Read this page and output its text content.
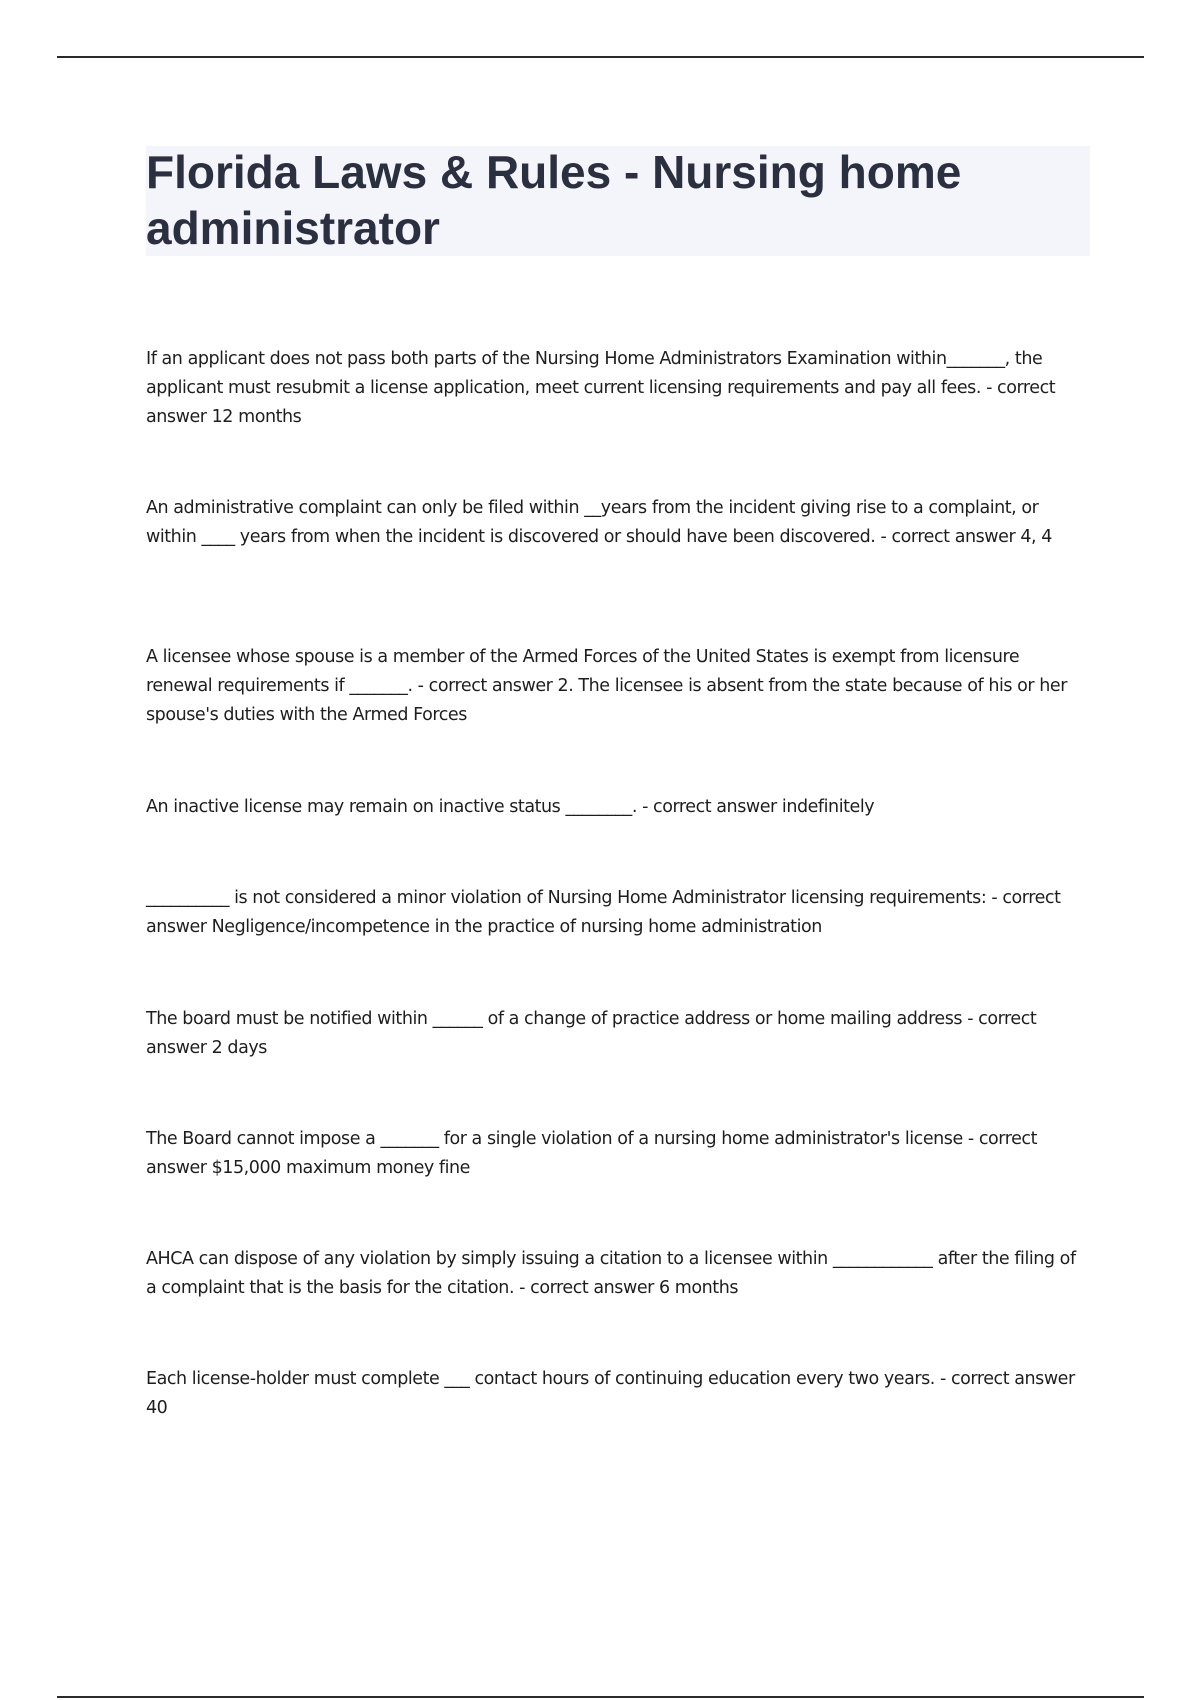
Florida Laws & Rules - Nursing home administrator

If an applicant does not pass both parts of the Nursing Home Administrators Examination within_______, the applicant must resubmit a license application, meet current licensing requirements and pay all fees. - correct answer 12 months

An administrative complaint can only be filed within __years from the incident giving rise to a complaint, or within ____ years from when the incident is discovered or should have been discovered. - correct answer 4, 4

A licensee whose spouse is a member of the Armed Forces of the United States is exempt from licensure renewal requirements if _______. - correct answer 2. The licensee is absent from the state because of his or her spouse's duties with the Armed Forces

An inactive license may remain on inactive status ________. - correct answer indefinitely

__________ is not considered a minor violation of Nursing Home Administrator licensing requirements: - correct answer Negligence/incompetence in the practice of nursing home administration

The board must be notified within ______ of a change of practice address or home mailing address - correct answer 2 days

The Board cannot impose a _______ for a single violation of a nursing home administrator's license - correct answer $15,000 maximum money fine

AHCA can dispose of any violation by simply issuing a citation to a licensee within ____________ after the filing of a complaint that is the basis for the citation. - correct answer 6 months

Each license-holder must complete ___ contact hours of continuing education every two years. - correct answer 40
